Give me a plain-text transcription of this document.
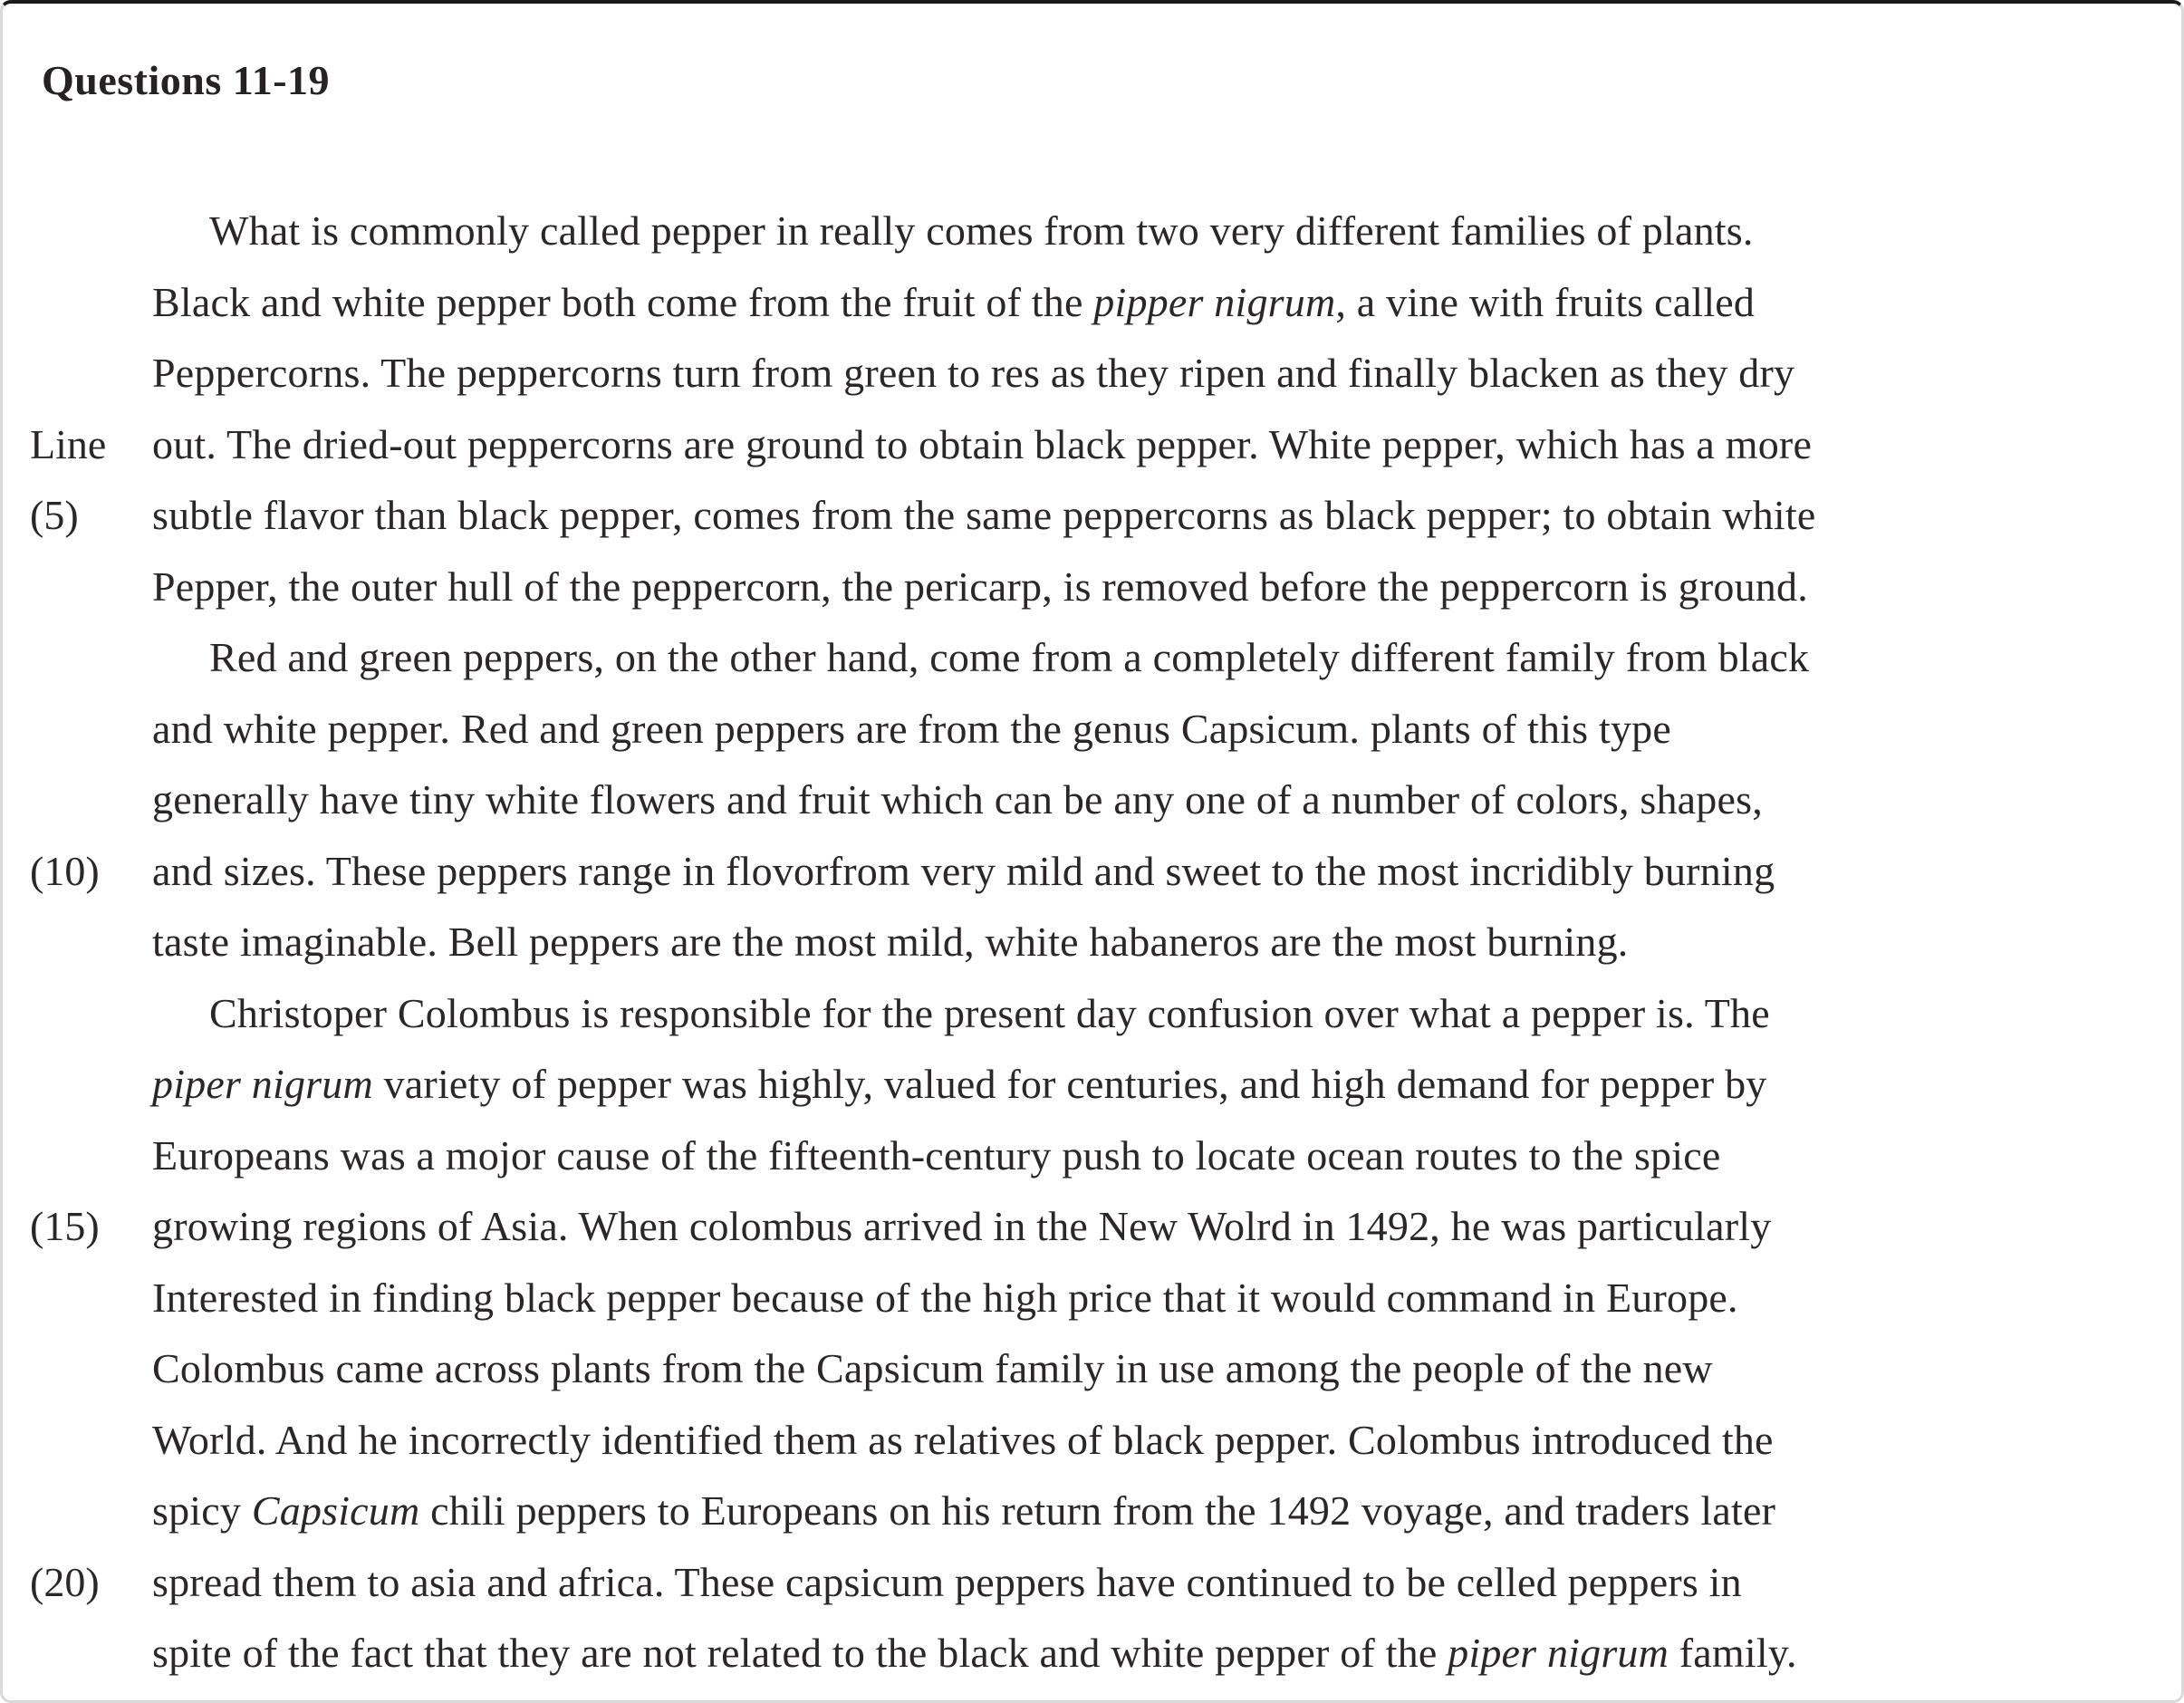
Questions 11-19
What is commonly called pepper in really comes from two very different families of plants.
Black and white pepper both come from the fruit of the pipper nigrum, a vine with fruits called
Peppercorns. The peppercorns turn from green to res as they ripen and finally blacken as they dry
Line	out. The dried-out peppercorns are ground to obtain black pepper. White pepper, which has a more
(5)	subtle flavor than black pepper, comes from the same peppercorns as black pepper; to obtain white
Pepper, the outer hull of the peppercorn, the pericarp, is removed before the peppercorn is ground.
Red and green peppers, on the other hand, come from a completely different family from black
and white pepper. Red and green peppers are from the genus Capsicum. plants of this type
generally have tiny white flowers and fruit which can be any one of a number of colors, shapes,
(10)	and sizes. These peppers range in flovorfrom very mild and sweet to the most incridibly burning
taste imaginable. Bell peppers are the most mild, white habaneros are the most burning.
Christoper Colombus is responsible for the present day confusion over what a pepper is. The
piper nigrum variety of pepper was highly, valued for centuries, and high demand for pepper by
Europeans was a mojor cause of the fifteenth-century push to locate ocean routes to the spice
(15)	growing regions of Asia. When colombus arrived in the New Wolrd in 1492, he was particularly
Interested in finding black pepper because of the high price that it would command in Europe.
Colombus came across plants from the Capsicum family in use among the people of the new
World. And he incorrectly identified them as relatives of black pepper. Colombus introduced the
spicy Capsicum chili peppers to Europeans on his return from the 1492 voyage, and traders later
(20)	spread them to asia and africa. These capsicum peppers have continued to be celled peppers in
spite of the fact that they are not related to the black and white pepper of the piper nigrum family.
